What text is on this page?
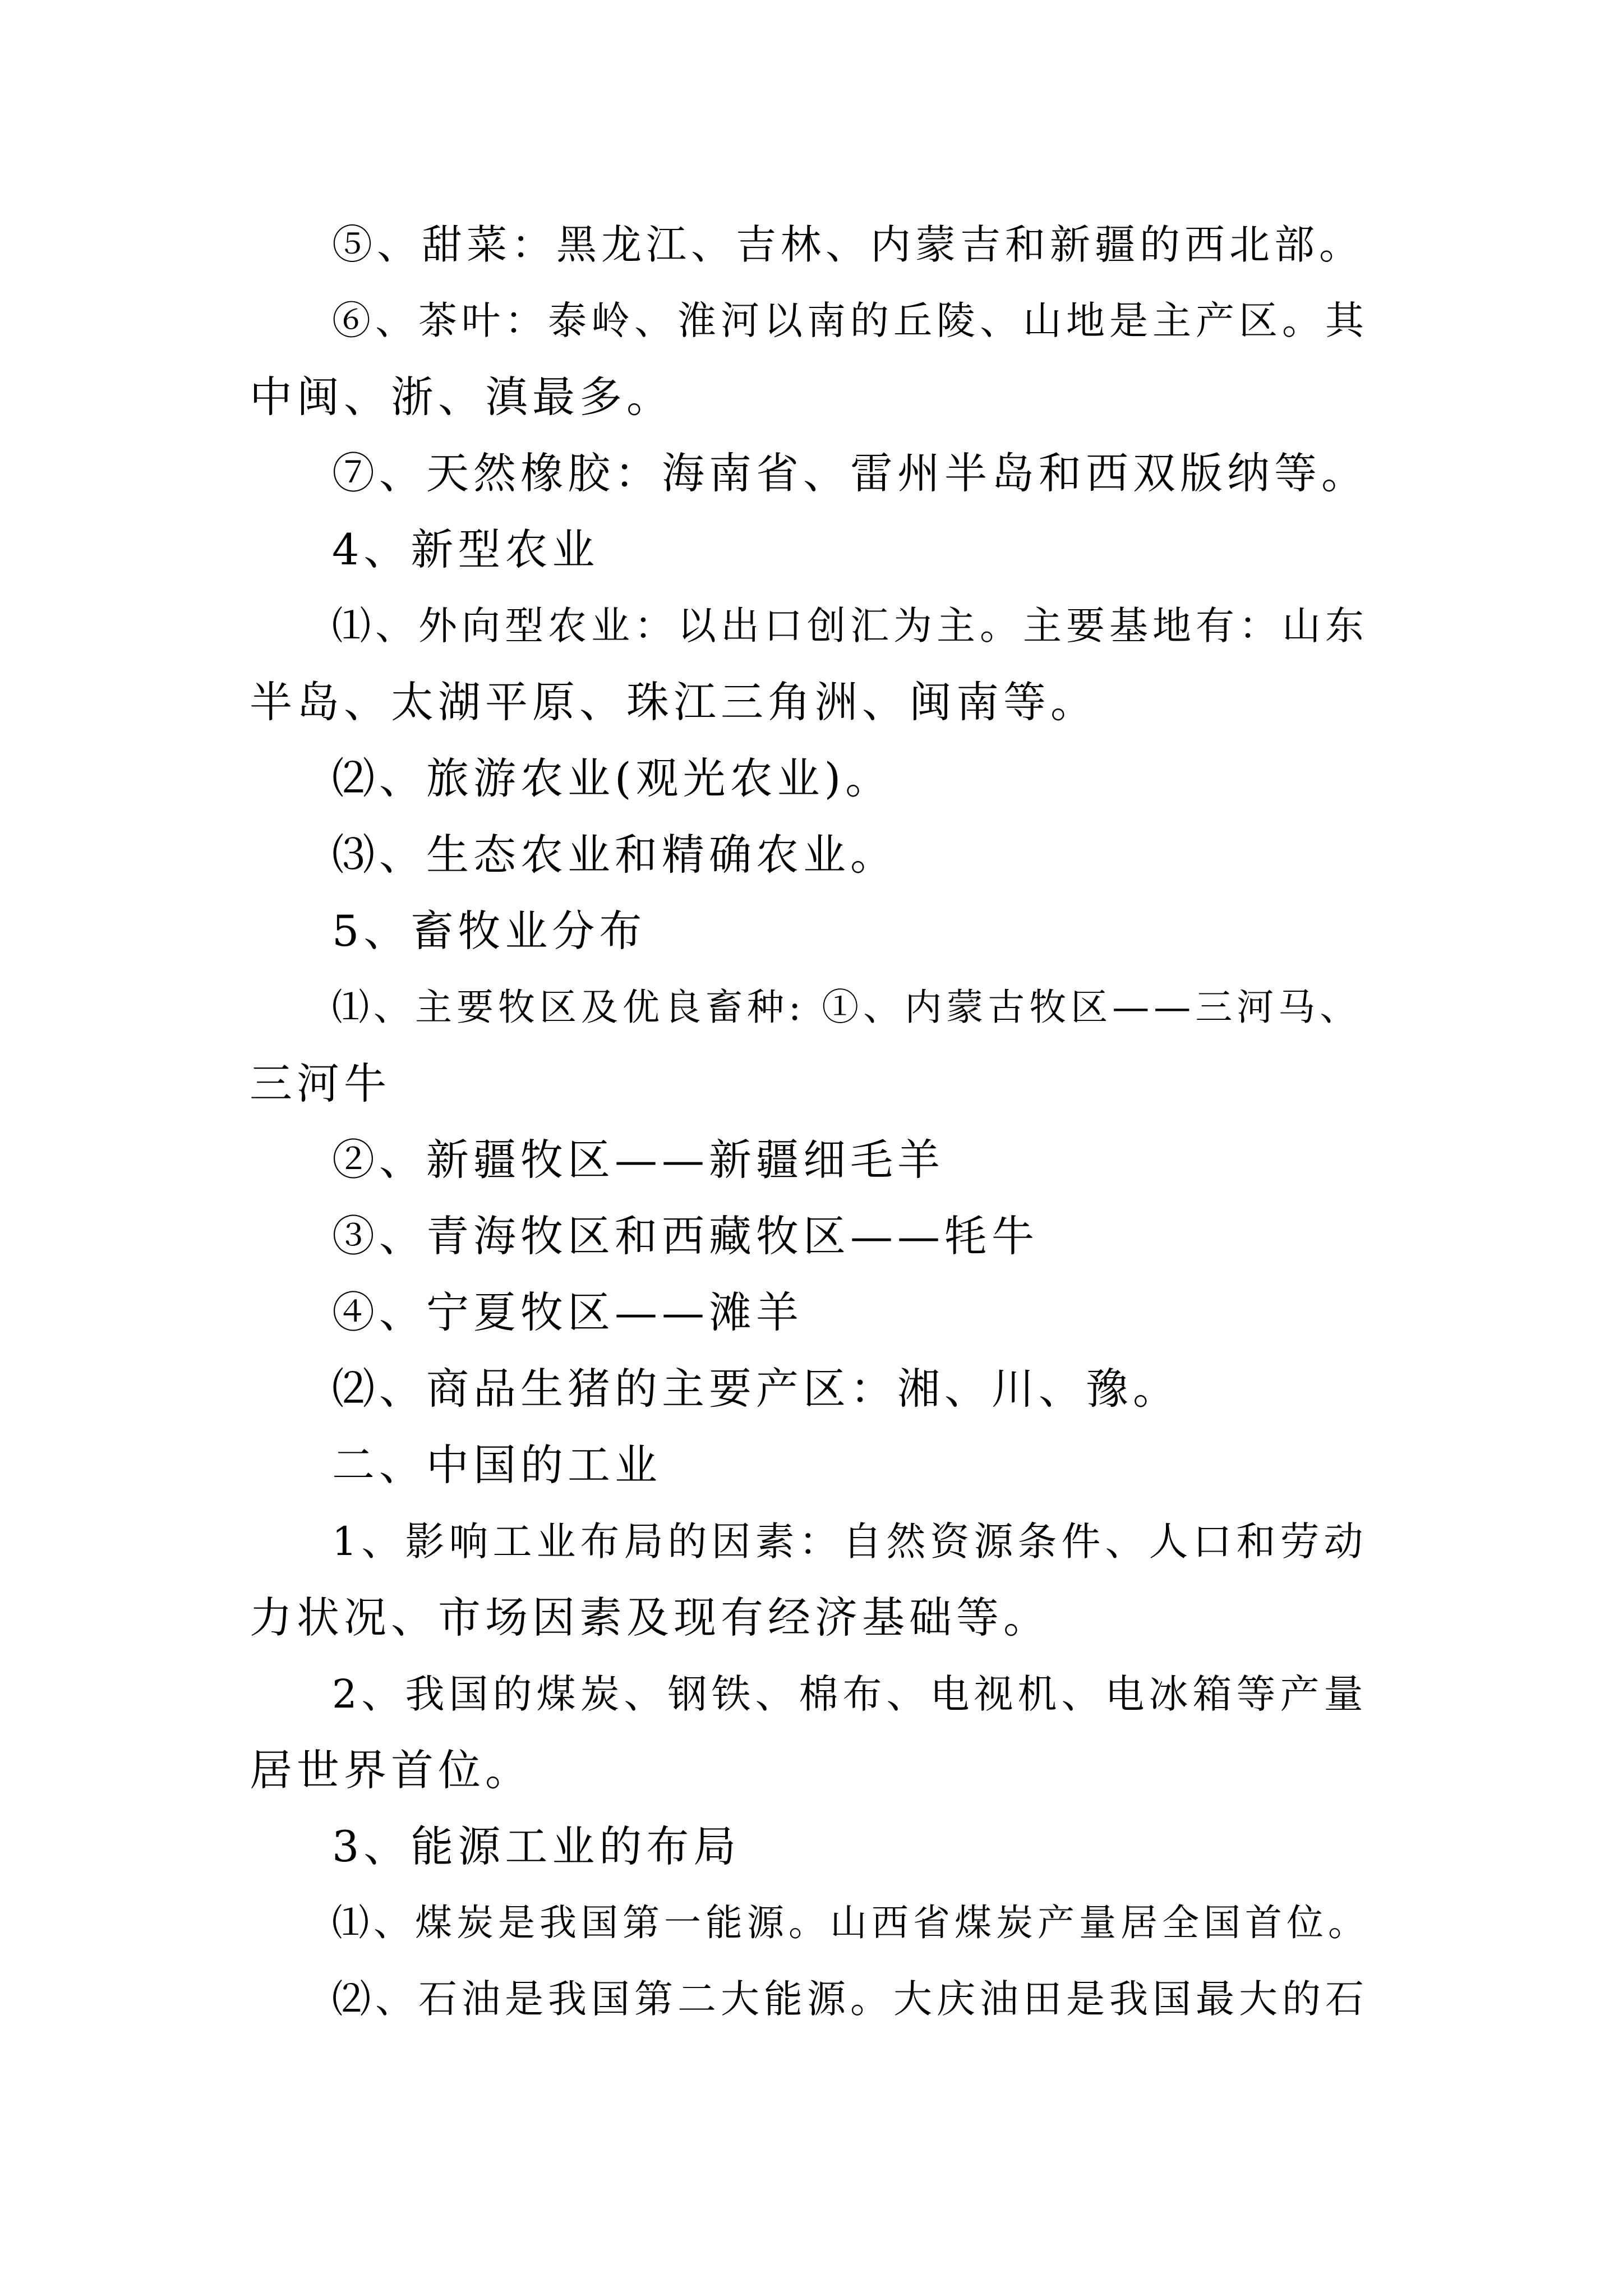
⑤、甜菜：黑龙江、吉林、内蒙吉和新疆的西北部。

⑥、茶叶：泰岭、淮河以南的丘陵、山地是主产区。其

中闽、浙、滇最多。

⑦、天然橡胶：海南省、雷州半岛和西双版纳等。

4、新型农业

⑴、外向型农业：以出口创汇为主。主要基地有：山东

半岛、太湖平原、珠江三角洲、闽南等。

⑵、旅游农业(观光农业)。

⑶、生态农业和精确农业。

5、畜牧业分布

⑴、主要牧区及优良畜种: ①、内蒙古牧区——三河马、

三河牛

②、新疆牧区——新疆细毛羊

③、青海牧区和西藏牧区——牦牛

④、宁夏牧区——滩羊

⑵、商品生猪的主要产区：湘、川、豫。

二、中国的工业

1、影响工业布局的因素：自然资源条件、人口和劳动

力状况、市场因素及现有经济基础等。

2、我国的煤炭、钢铁、棉布、电视机、电冰箱等产量

居世界首位。

3、能源工业的布局

⑴、煤炭是我国第一能源。山西省煤炭产量居全国首位。

⑵、石油是我国第二大能源。大庆油田是我国最大的石
